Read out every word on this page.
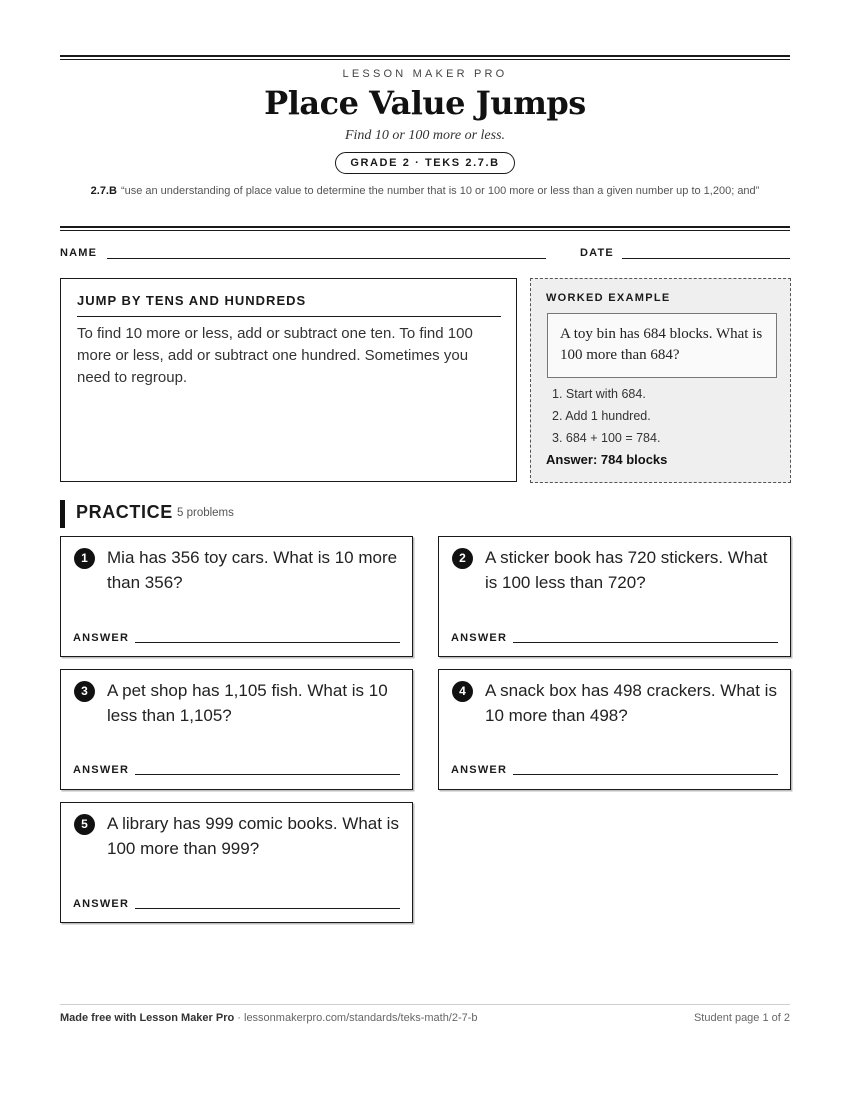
LESSON MAKER PRO
Place Value Jumps
Find 10 or 100 more or less.
GRADE 2 · TEKS 2.7.B
2.7.B “use an understanding of place value to determine the number that is 10 or 100 more or less than a given number up to 1,200; and”
NAME	DATE
JUMP BY TENS AND HUNDREDS
To find 10 more or less, add or subtract one ten. To find 100 more or less, add or subtract one hundred. Sometimes you need to regroup.
WORKED EXAMPLE
A toy bin has 684 blocks. What is 100 more than 684?
1. Start with 684.
2. Add 1 hundred.
3. 684 + 100 = 784.
Answer: 784 blocks
PRACTICE 5 problems
1	Mia has 356 toy cars. What is 10 more than 356?
ANSWER
2	A sticker book has 720 stickers. What is 100 less than 720?
ANSWER
3	A pet shop has 1,105 fish. What is 10 less than 1,105?
ANSWER
4	A snack box has 498 crackers. What is 10 more than 498?
ANSWER
5	A library has 999 comic books. What is 100 more than 999?
ANSWER
Made free with Lesson Maker Pro · lessonmakerpro.com/standards/teks-math/2-7-b	Student page 1 of 2
